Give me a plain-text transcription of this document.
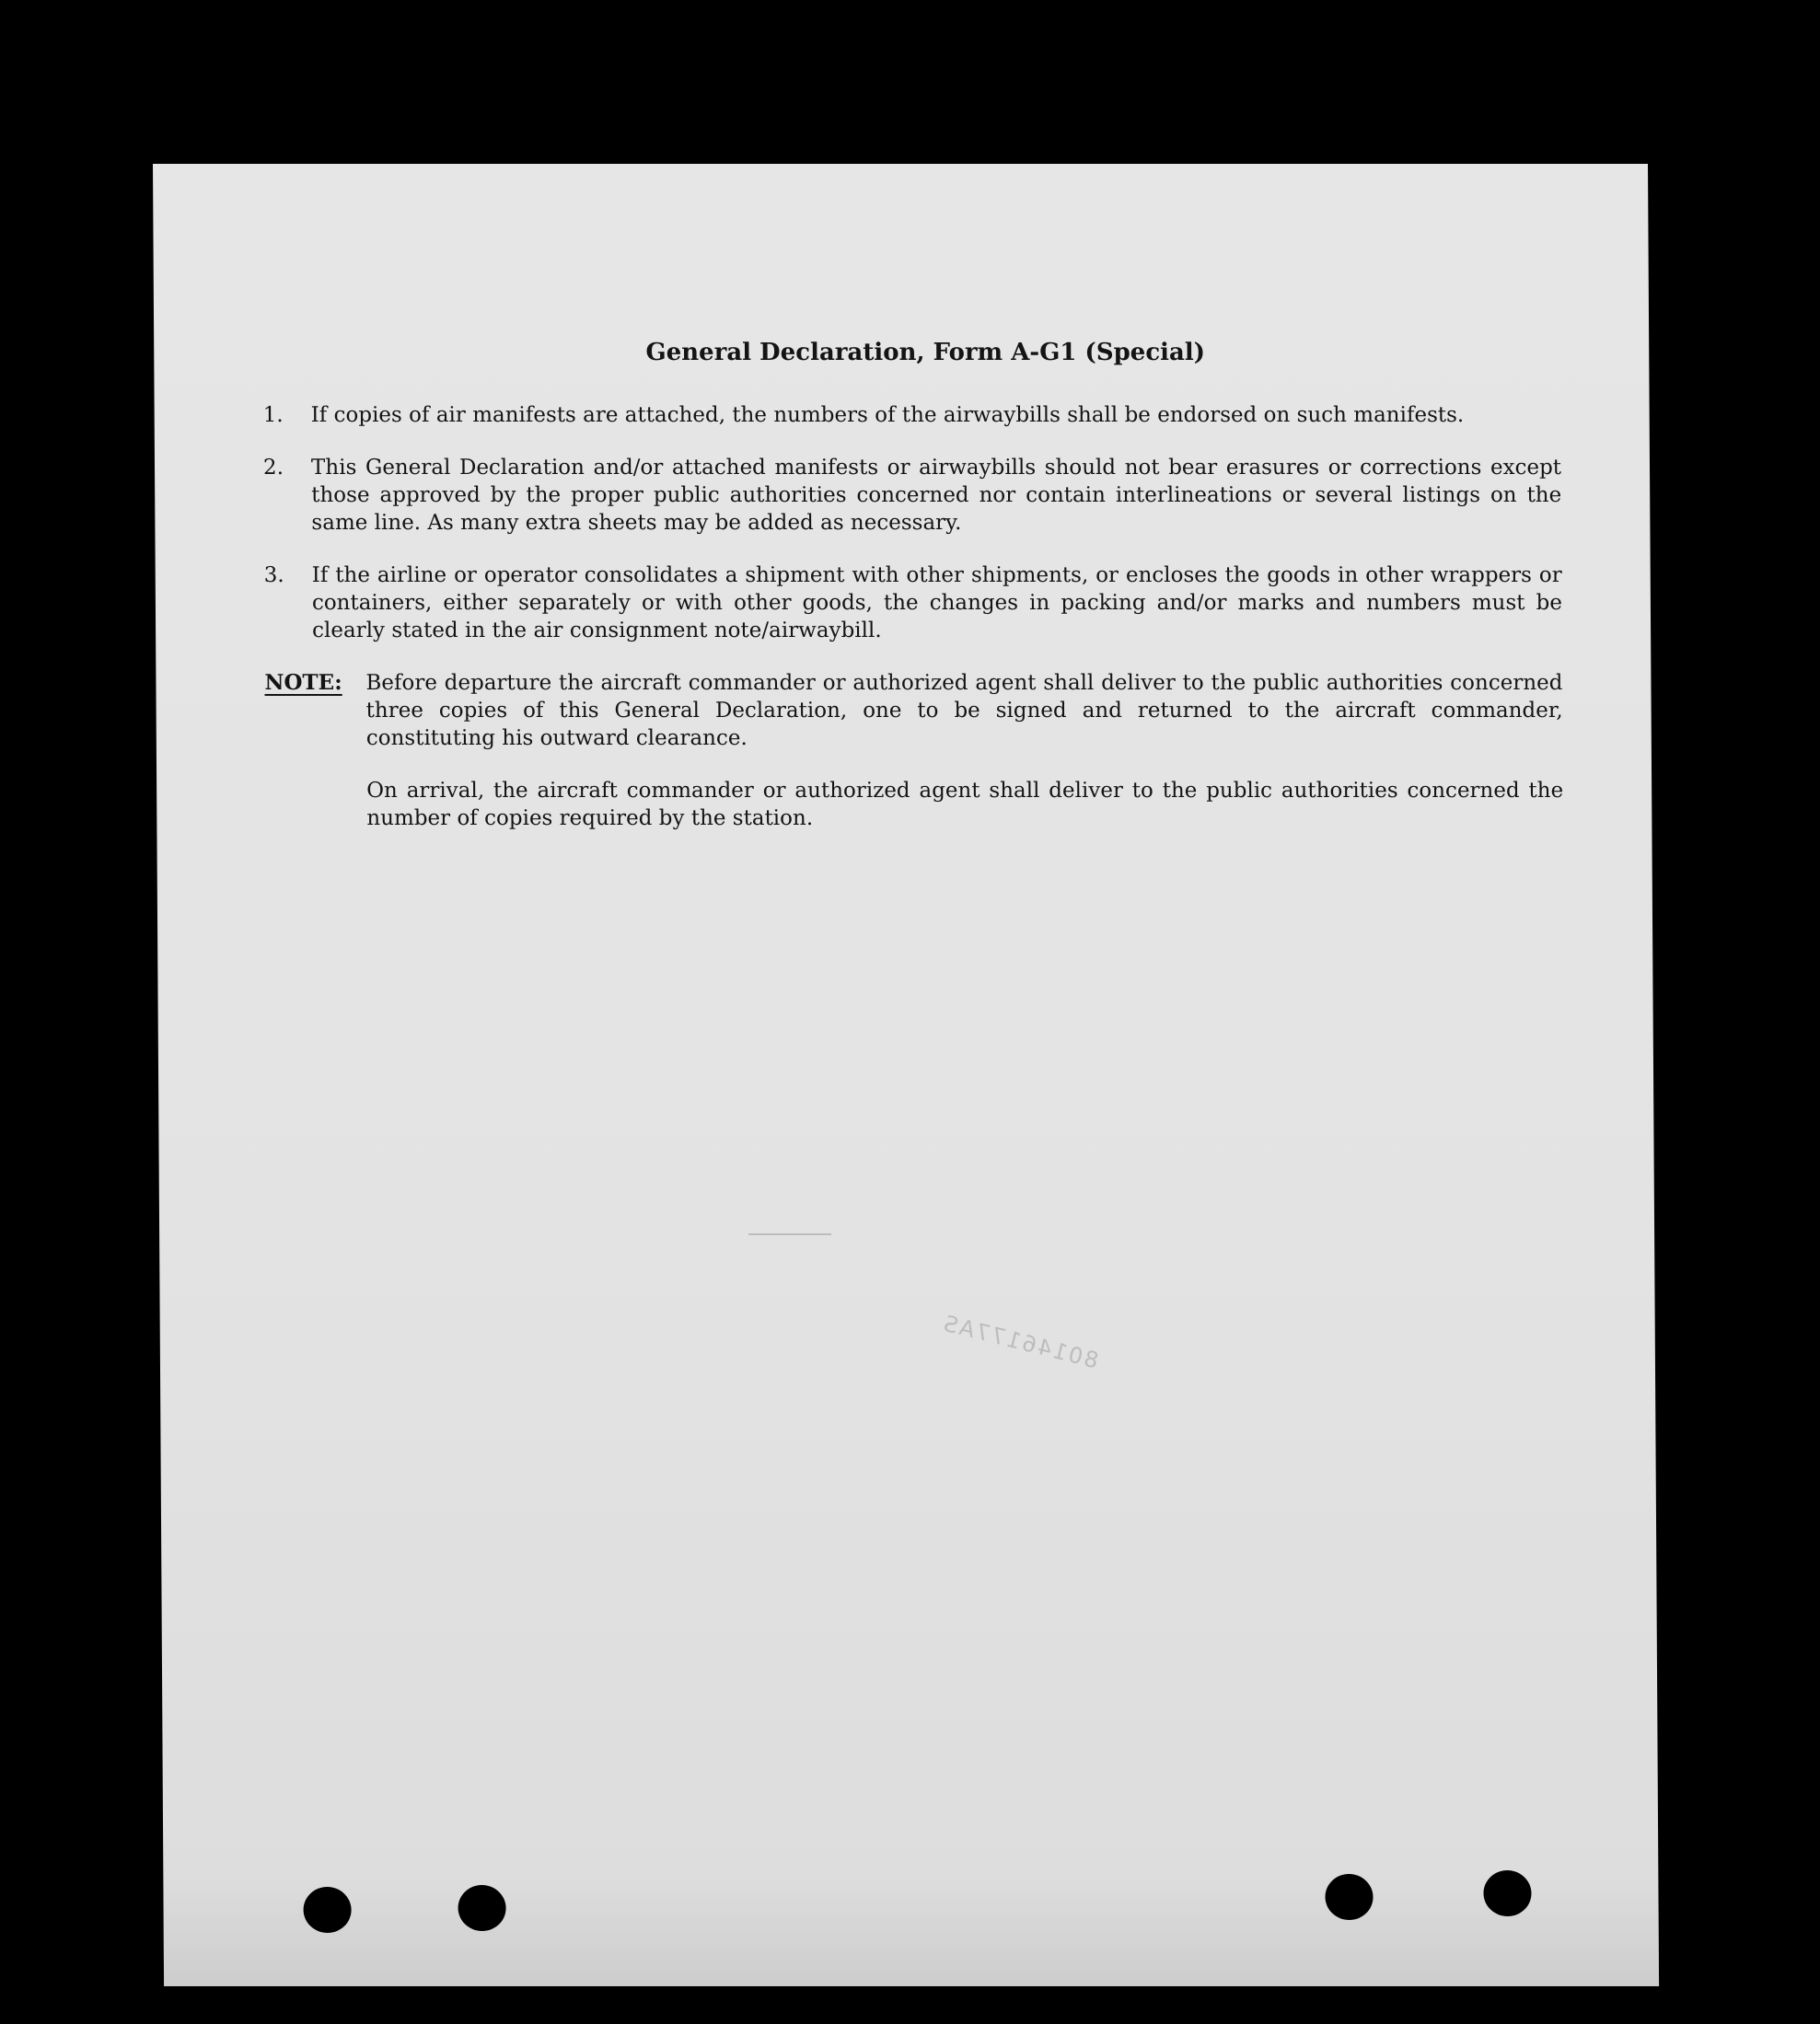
General Declaration, Form A-G1 (Special)
1.	If copies of air manifests are attached, the numbers of the airwaybills shall be endorsed on such manifests.
2.	This General Declaration and/or attached manifests or airwaybills should not bear erasures or corrections except those approved by the proper public authorities concerned nor contain interlineations or several listings on the same line. As many extra sheets may be added as necessary.
3.	If the airline or operator consolidates a shipment with other shipments, or encloses the goods in other wrappers or containers, either separately or with other goods, the changes in packing and/or marks and numbers must be clearly stated in the air consignment note/airwaybill.
NOTE:	Before departure the aircraft commander or authorized agent shall deliver to the public authorities concerned three copies of this General Declaration, one to be signed and returned to the aircraft commander, constituting his outward clearance.

On arrival, the aircraft commander or authorized agent shall deliver to the public authorities concerned the number of copies required by the station.

80146177AS
